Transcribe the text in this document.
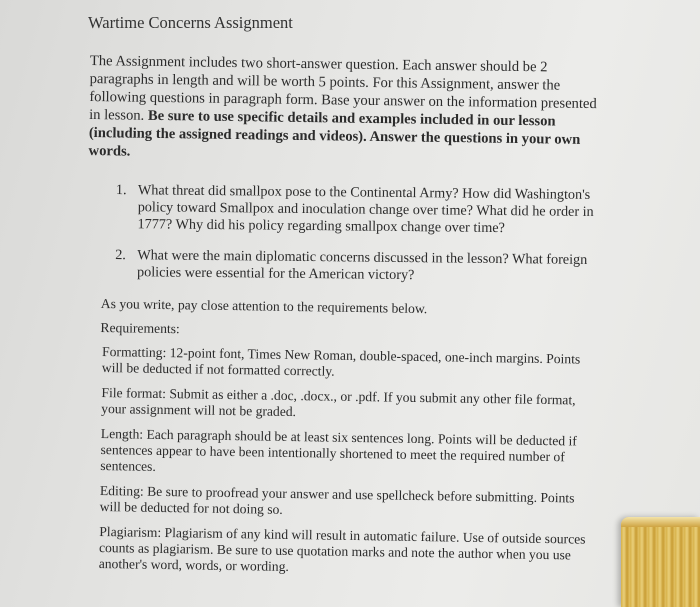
Wartime Concerns Assignment
The Assignment includes two short-answer question. Each answer should be 2 paragraphs in length and will be worth 5 points. For this Assignment, answer the following questions in paragraph form. Base your answer on the information presented in lesson. Be sure to use specific details and examples included in our lesson (including the assigned readings and videos). Answer the questions in your own words.
1. What threat did smallpox pose to the Continental Army? How did Washington's policy toward Smallpox and inoculation change over time? What did he order in 1777? Why did his policy regarding smallpox change over time?
2. What were the main diplomatic concerns discussed in the lesson? What foreign policies were essential for the American victory?

As you write, pay close attention to the requirements below.

Requirements:

Formatting: 12-point font, Times New Roman, double-spaced, one-inch margins. Points will be deducted if not formatted correctly.

File format: Submit as either a .doc, .docx., or .pdf. If you submit any other file format, your assignment will not be graded.

Length: Each paragraph should be at least six sentences long. Points will be deducted if sentences appear to have been intentionally shortened to meet the required number of sentences.

Editing: Be sure to proofread your answer and use spellcheck before submitting. Points will be deducted for not doing so.

Plagiarism: Plagiarism of any kind will result in automatic failure. Use of outside sources counts as plagiarism. Be sure to use quotation marks and note the author when you use another's word, words, or wording.
